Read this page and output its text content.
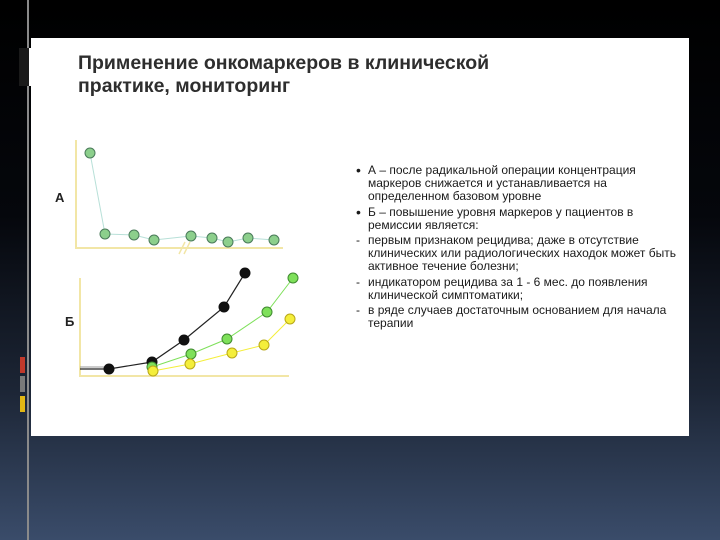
Применение онкомаркеров в клинической
практике, мониторинг
А
Б
• А – после радикальной операции концентрация маркеров снижается и устанавливается на определенном базовом уровне
• Б – повышение уровня маркеров у пациентов в ремиссии является:
- первым признаком рецидива; даже в отсутствие клинических или радиологических находок может быть активное течение болезни;
- индикатором рецидива за 1 - 6 мес. до появления клинической симптоматики;
- в ряде случаев достаточным основанием для начала терапии
